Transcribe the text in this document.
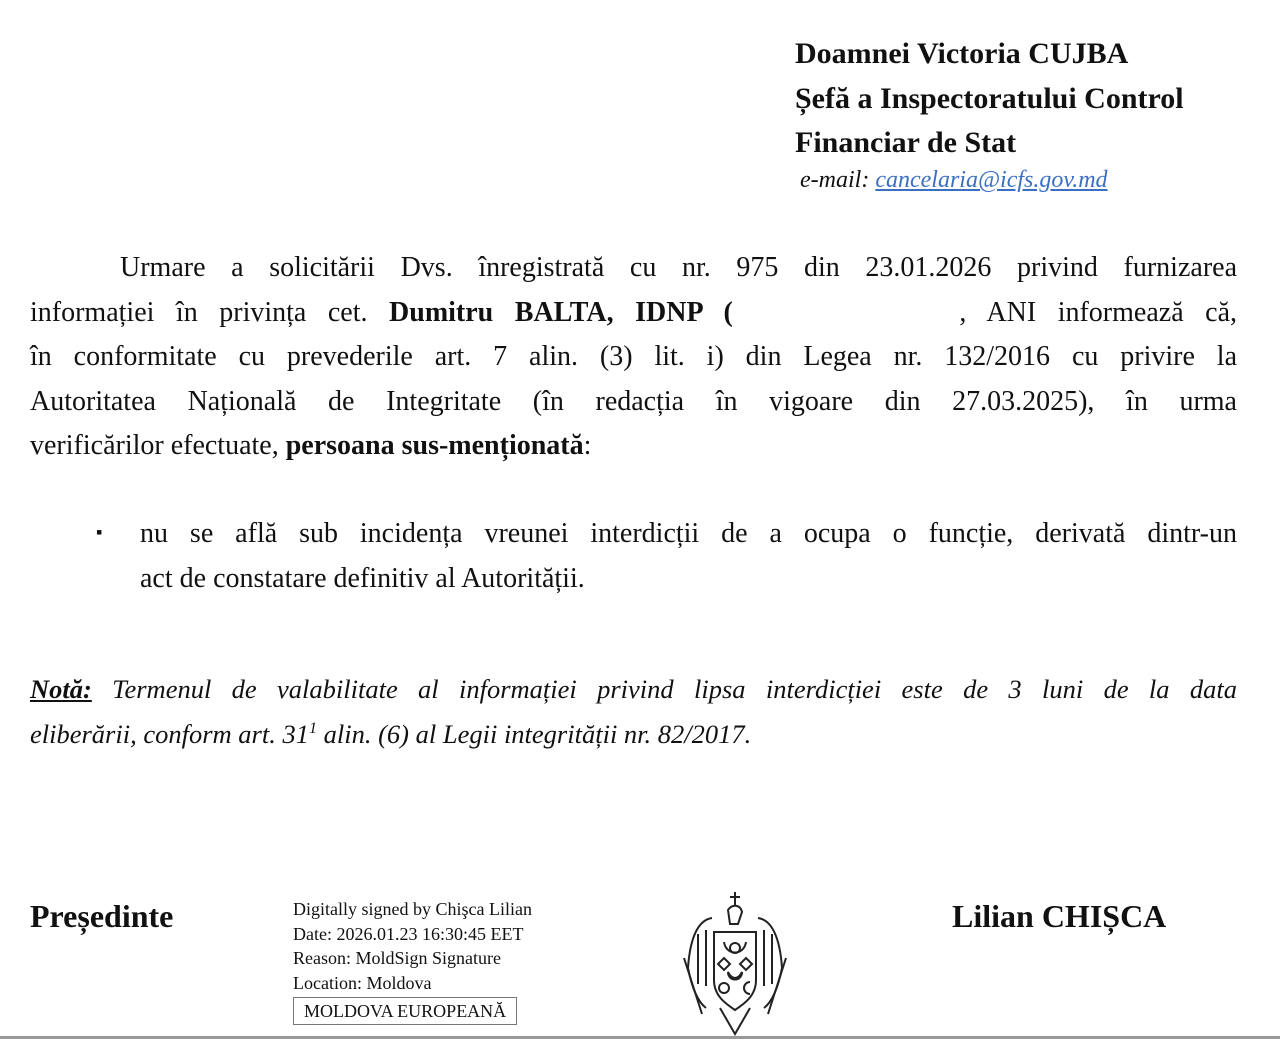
Doamnei Victoria CUJBA
Șefă a Inspectoratului Control
Financiar de Stat
e-mail: cancelaria@icfs.gov.md
Urmare a solicitării Dvs. înregistrată cu nr. 975 din 23.01.2026 privind furnizarea
informației în privința cet. Dumitru BALTA, IDNP (	, ANI informează că,
în conformitate cu prevederile art. 7 alin. (3) lit. i) din Legea nr. 132/2016 cu privire la
Autoritatea Națională de Integritate (în redacția în vigoare din 27.03.2025), în urma
verificărilor efectuate, persoana sus-menționată:
▪ nu se află sub incidența vreunei interdicții de a ocupa o funcție, derivată dintr-un
act de constatare definitiv al Autorității.
Notă: Termenul de valabilitate al informației privind lipsa interdicției este de 3 luni de la data
eliberării, conform art. $31^1$ alin. (6) al Legii integrității nr. 82/2017.
Președinte	Digitally signed by Chişca Lilian
Date: 2026.01.23 16:30:45 EET
Reason: MoldSign Signature
Location: Moldova
MOLDOVA EUROPEANĂ
Lilian CHIȘCA
